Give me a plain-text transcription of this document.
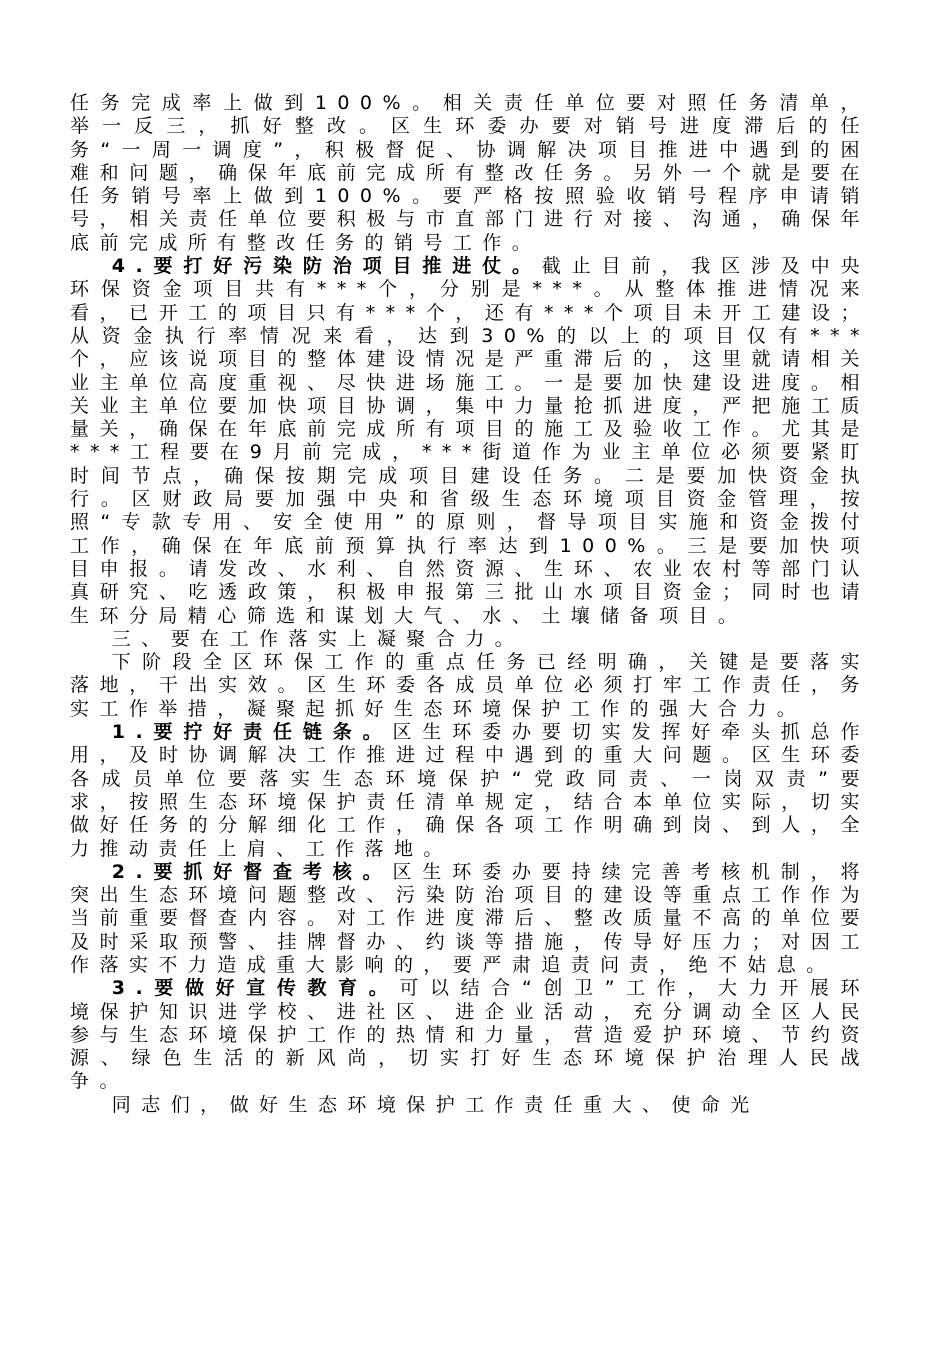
任务完成率上做到100%。相关责任单位要对照任务清单，举一反三，抓好整改。区生环委办要对销号进度滞后的任务“一周一调度”，积极督促、协调解决项目推进中遇到的困难和问题，确保年底前完成所有整改任务。另外一个就是要在任务销号率上做到100%。要严格按照验收销号程序申请销号，相关责任单位要积极与市直部门进行对接、沟通，确保年底前完成所有整改任务的销号工作。

4.要打好污染防治项目推进仗。截止目前，我区涉及中央环保资金项目共有***个，分别是***。从整体推进情况来看，已开工的项目只有***个，还有***个项目未开工建设；从资金执行率情况来看，达到30%的以上的项目仅有***个，应该说项目的整体建设情况是严重滞后的，这里就请相关业主单位高度重视、尽快进场施工。一是要加快建设进度。相关业主单位要加快项目协调，集中力量抢抓进度，严把施工质量关，确保在年底前完成所有项目的施工及验收工作。尤其是***工程要在9月前完成，***街道作为业主单位必须要紧盯时间节点，确保按期完成项目建设任务。二是要加快资金执行。区财政局要加强中央和省级生态环境项目资金管理，按照“专款专用、安全使用”的原则，督导项目实施和资金拨付工作，确保在年底前预算执行率达到100%。三是要加快项目申报。请发改、水利、自然资源、生环、农业农村等部门认真研究、吃透政策，积极申报第三批山水项目资金；同时也请生环分局精心筛选和谋划大气、水、土壤储备项目。

三、要在工作落实上凝聚合力。

下阶段全区环保工作的重点任务已经明确，关键是要落实落地，干出实效。区生环委各成员单位必须打牢工作责任，务实工作举措，凝聚起抓好生态环境保护工作的强大合力。

1.要拧好责任链条。区生环委办要切实发挥好牵头抓总作用，及时协调解决工作推进过程中遇到的重大问题。区生环委各成员单位要落实生态环境保护“党政同责、一岗双责”要求，按照生态环境保护责任清单规定，结合本单位实际，切实做好任务的分解细化工作，确保各项工作明确到岗、到人，全力推动责任上肩、工作落地。

2.要抓好督查考核。区生环委办要持续完善考核机制，将突出生态环境问题整改、污染防治项目的建设等重点工作作为当前重要督查内容。对工作进度滞后、整改质量不高的单位要及时采取预警、挂牌督办、约谈等措施，传导好压力；对因工作落实不力造成重大影响的，要严肃追责问责，绝不姑息。

3.要做好宣传教育。可以结合“创卫”工作，大力开展环境保护知识进学校、进社区、进企业活动，充分调动全区人民参与生态环境保护工作的热情和力量，营造爱护环境、节约资源、绿色生活的新风尚，切实打好生态环境保护治理人民战争。

同志们，做好生态环境保护工作责任重大、使命光
